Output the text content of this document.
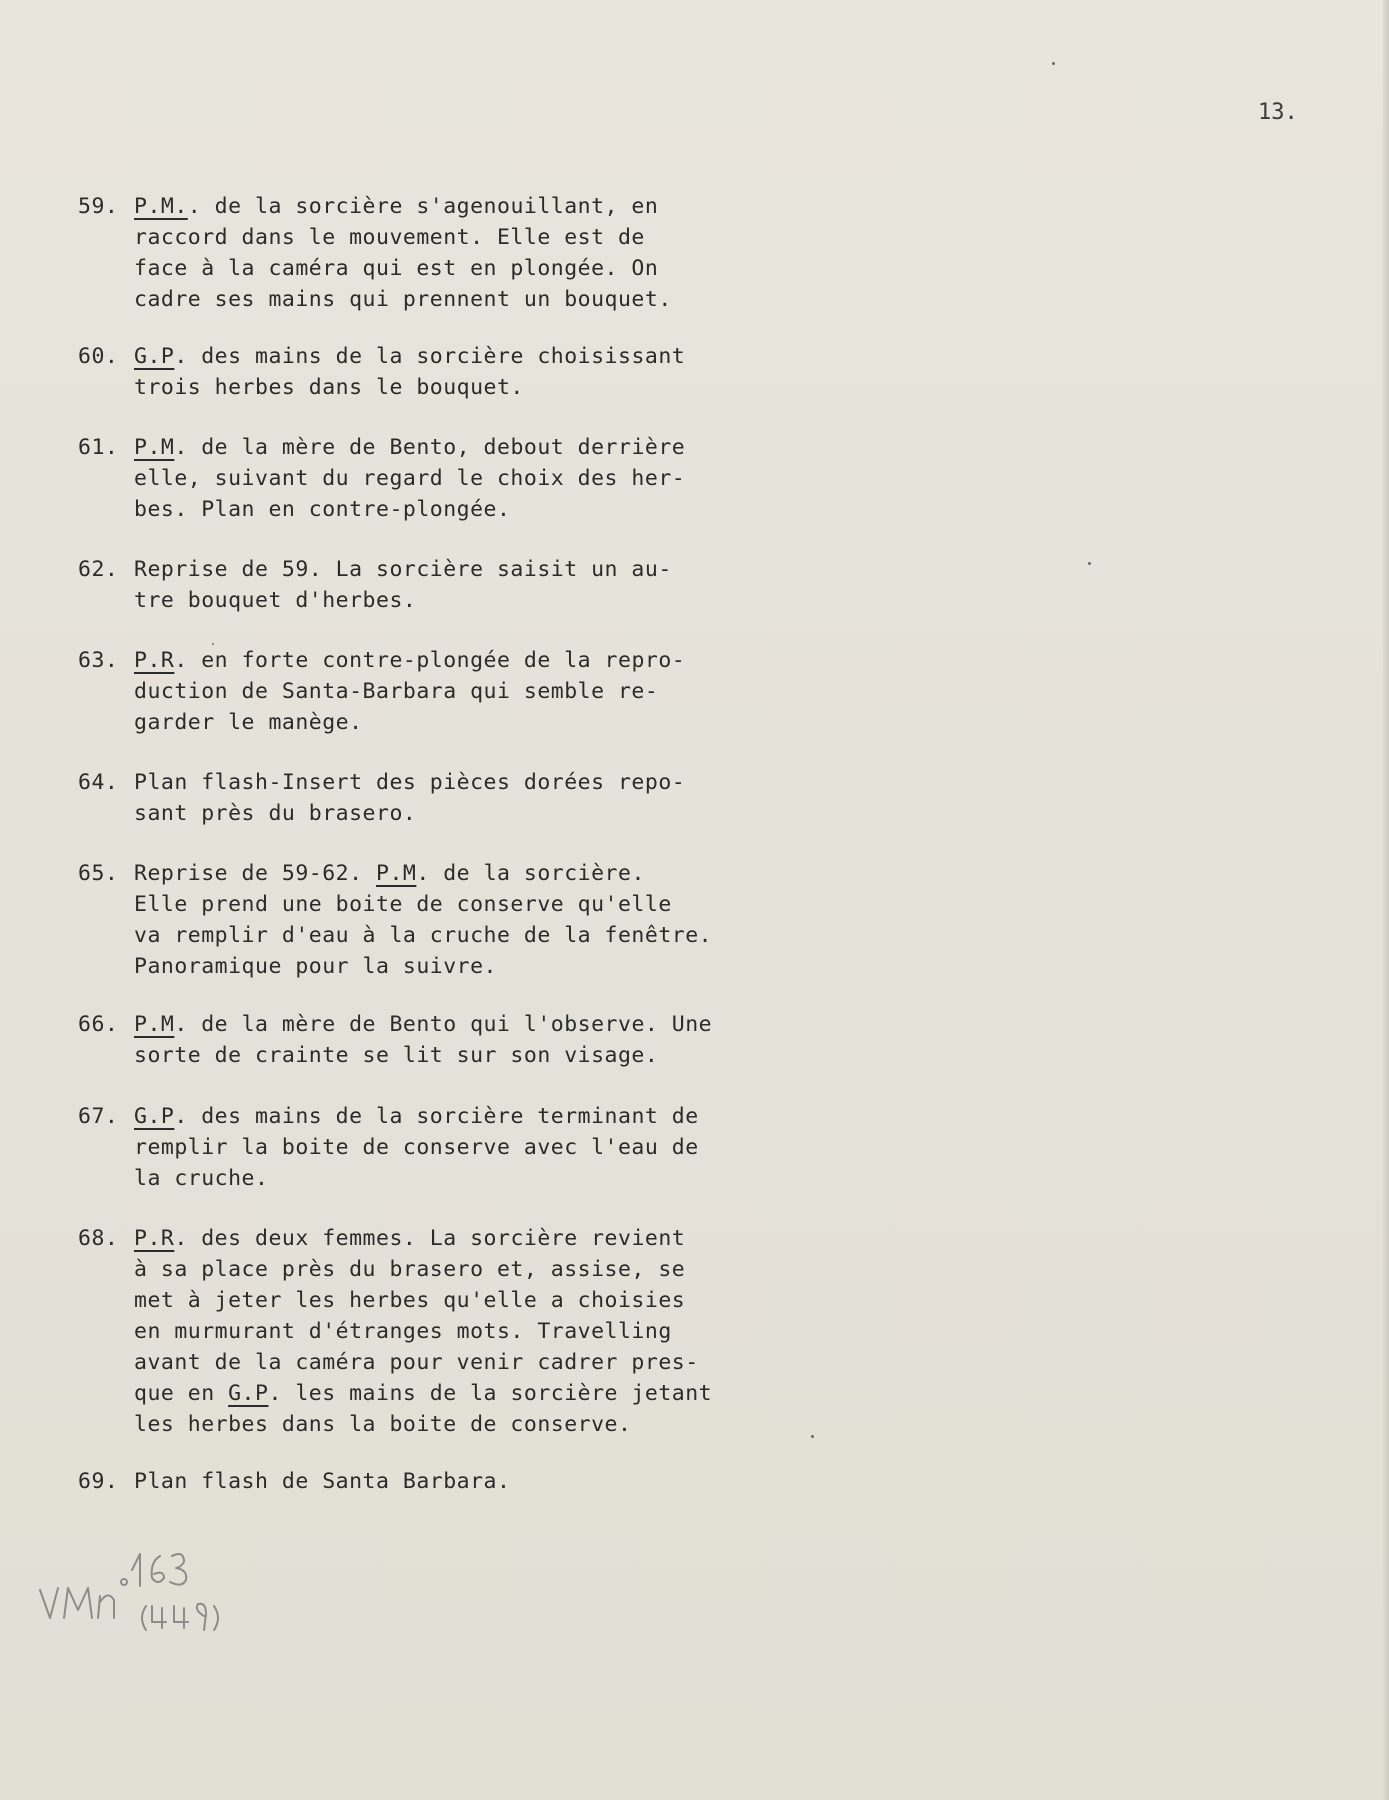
13.
59. P.M.. de la sorcière s'agenouillant, en
raccord dans le mouvement. Elle est de
face à la caméra qui est en plongée. On
cadre ses mains qui prennent un bouquet.
60. G.P. des mains de la sorcière choisissant
trois herbes dans le bouquet.
61. P.M. de la mère de Bento, debout derrière
elle, suivant du regard le choix des her-
bes. Plan en contre-plongée.
62. Reprise de 59. La sorcière saisit un au-
tre bouquet d'herbes.
63. P.R. en forte contre-plongée de la repro-
duction de Santa-Barbara qui semble re-
garder le manège.
64. Plan flash-Insert des pièces dorées repo-
sant près du brasero.
65. Reprise de 59-62. P.M. de la sorcière.
Elle prend une boite de conserve qu'elle
va remplir d'eau à la cruche de la fenêtre.
Panoramique pour la suivre.
66. P.M. de la mère de Bento qui l'observe. Une
sorte de crainte se lit sur son visage.
67. G.P. des mains de la sorcière terminant de
remplir la boite de conserve avec l'eau de
la cruche.
68. P.R. des deux femmes. La sorcière revient
à sa place près du brasero et, assise, se
met à jeter les herbes qu'elle a choisies
en murmurant d'étranges mots. Travelling
avant de la caméra pour venir cadrer pres-
que en G.P. les mains de la sorcière jetant
les herbes dans la boite de conserve.
69. Plan flash de Santa Barbara.
